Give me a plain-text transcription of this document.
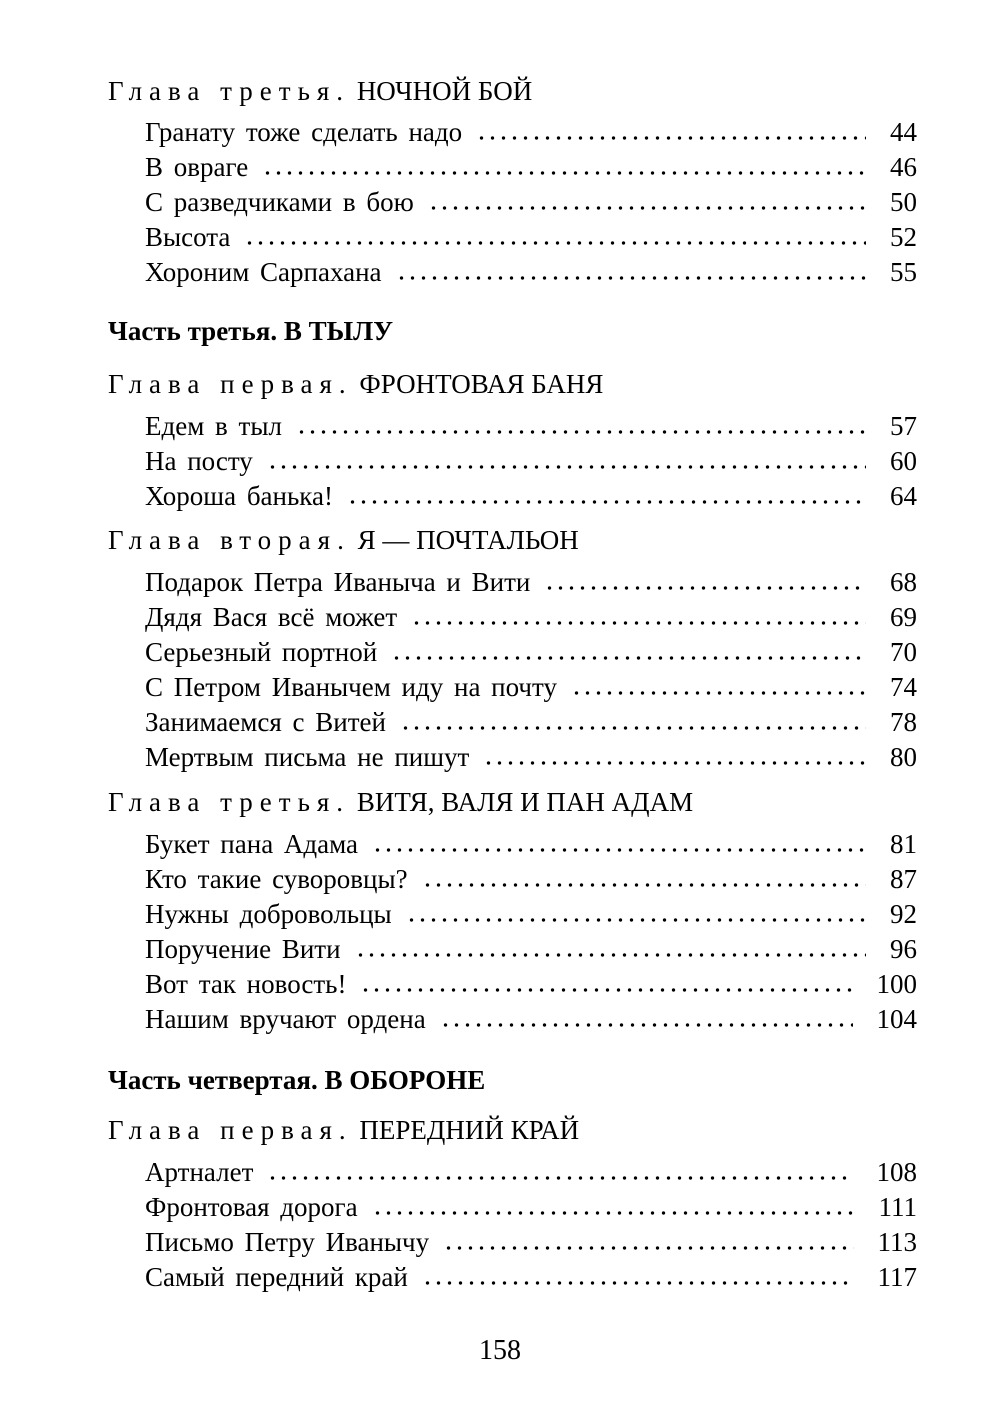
Глава третья. НОЧНОЙ БОЙ
Гранату тоже сделать надо	44
В овраге	46
С разведчиками в бою	50
Высота	52
Хороним Сарпахана	55
Часть третья. В ТЫЛУ
Глава первая. ФРОНТОВАЯ БАНЯ
Едем в тыл	57
На посту	60
Хороша банька!	64
Глава вторая. Я — ПОЧТАЛЬОН
Подарок Петра Иваныча и Вити	68
Дядя Вася всё может	69
Серьезный портной	70
С Петром Иванычем иду на почту	74
Занимаемся с Витей	78
Мертвым письма не пишут	80
Глава третья. ВИТЯ, ВАЛЯ И ПАН АДАМ
Букет пана Адама	81
Кто такие суворовцы?	87
Нужны добровольцы	92
Поручение Вити	96
Вот так новость!	100
Нашим вручают ордена	104
Часть четвертая. В ОБОРОНЕ
Глава первая. ПЕРЕДНИЙ КРАЙ
Артналет	108
Фронтовая дорога	111
Письмо Петру Иванычу	113
Самый передний край	117
158
